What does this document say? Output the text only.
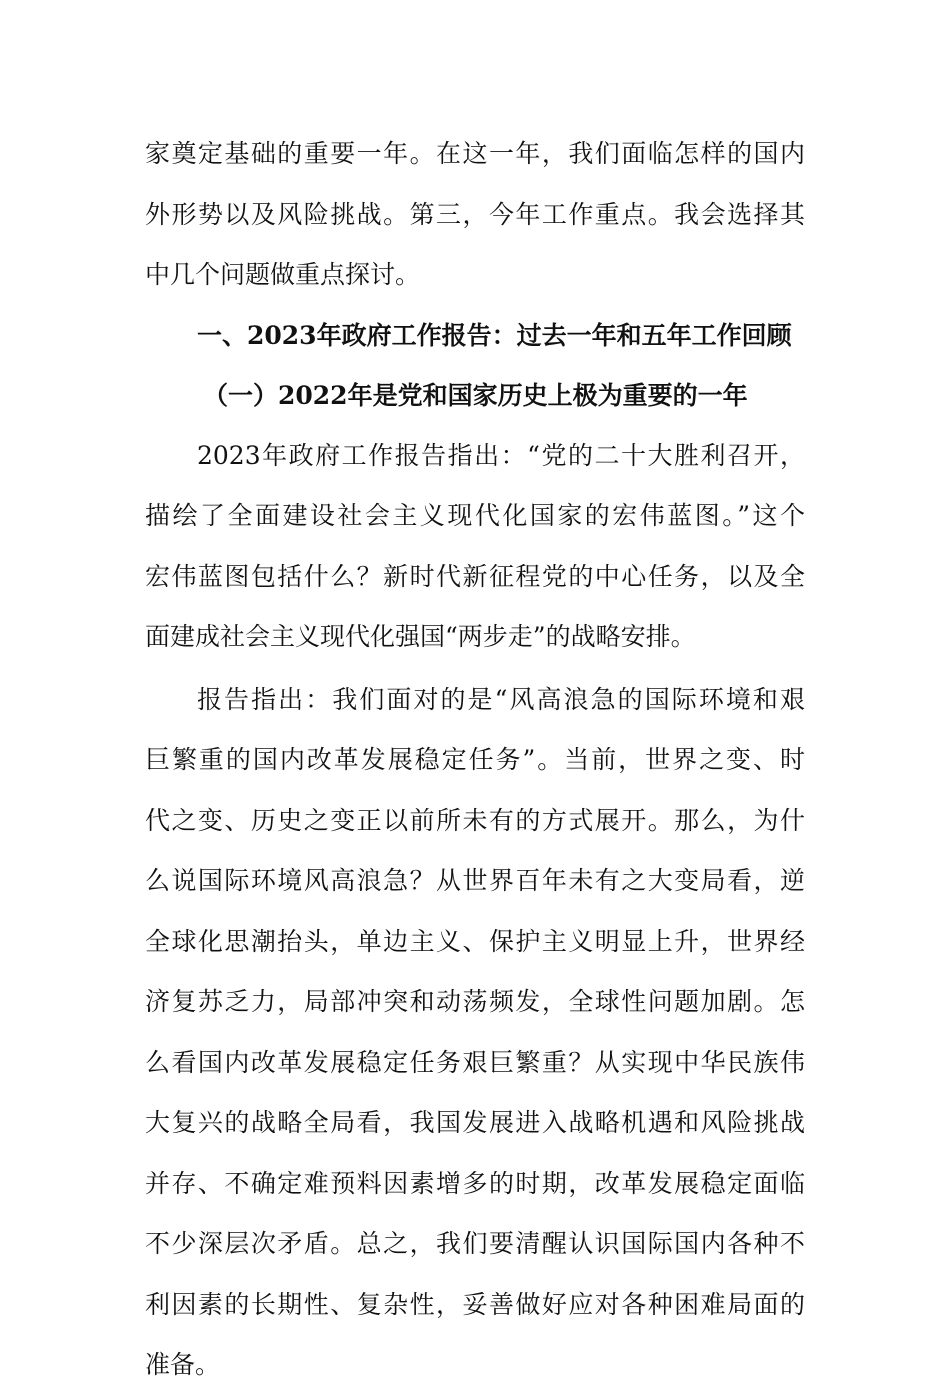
家奠定基础的重要一年。在这一年，我们面临怎样的国内
外形势以及风险挑战。第三，今年工作重点。我会选择其
中几个问题做重点探讨。
一、2023年政府工作报告：过去一年和五年工作回顾
（一）2022年是党和国家历史上极为重要的一年
2023年政府工作报告指出：“党的二十大胜利召开，
描绘了全面建设社会主义现代化国家的宏伟蓝图。”这个
宏伟蓝图包括什么？新时代新征程党的中心任务，以及全
面建成社会主义现代化强国“两步走”的战略安排。
报告指出：我们面对的是“风高浪急的国际环境和艰
巨繁重的国内改革发展稳定任务”。当前，世界之变、时
代之变、历史之变正以前所未有的方式展开。那么，为什
么说国际环境风高浪急？从世界百年未有之大变局看，逆
全球化思潮抬头，单边主义、保护主义明显上升，世界经
济复苏乏力，局部冲突和动荡频发，全球性问题加剧。怎
么看国内改革发展稳定任务艰巨繁重？从实现中华民族伟
大复兴的战略全局看，我国发展进入战略机遇和风险挑战
并存、不确定难预料因素增多的时期，改革发展稳定面临
不少深层次矛盾。总之，我们要清醒认识国际国内各种不
利因素的长期性、复杂性，妥善做好应对各种困难局面的
准备。
